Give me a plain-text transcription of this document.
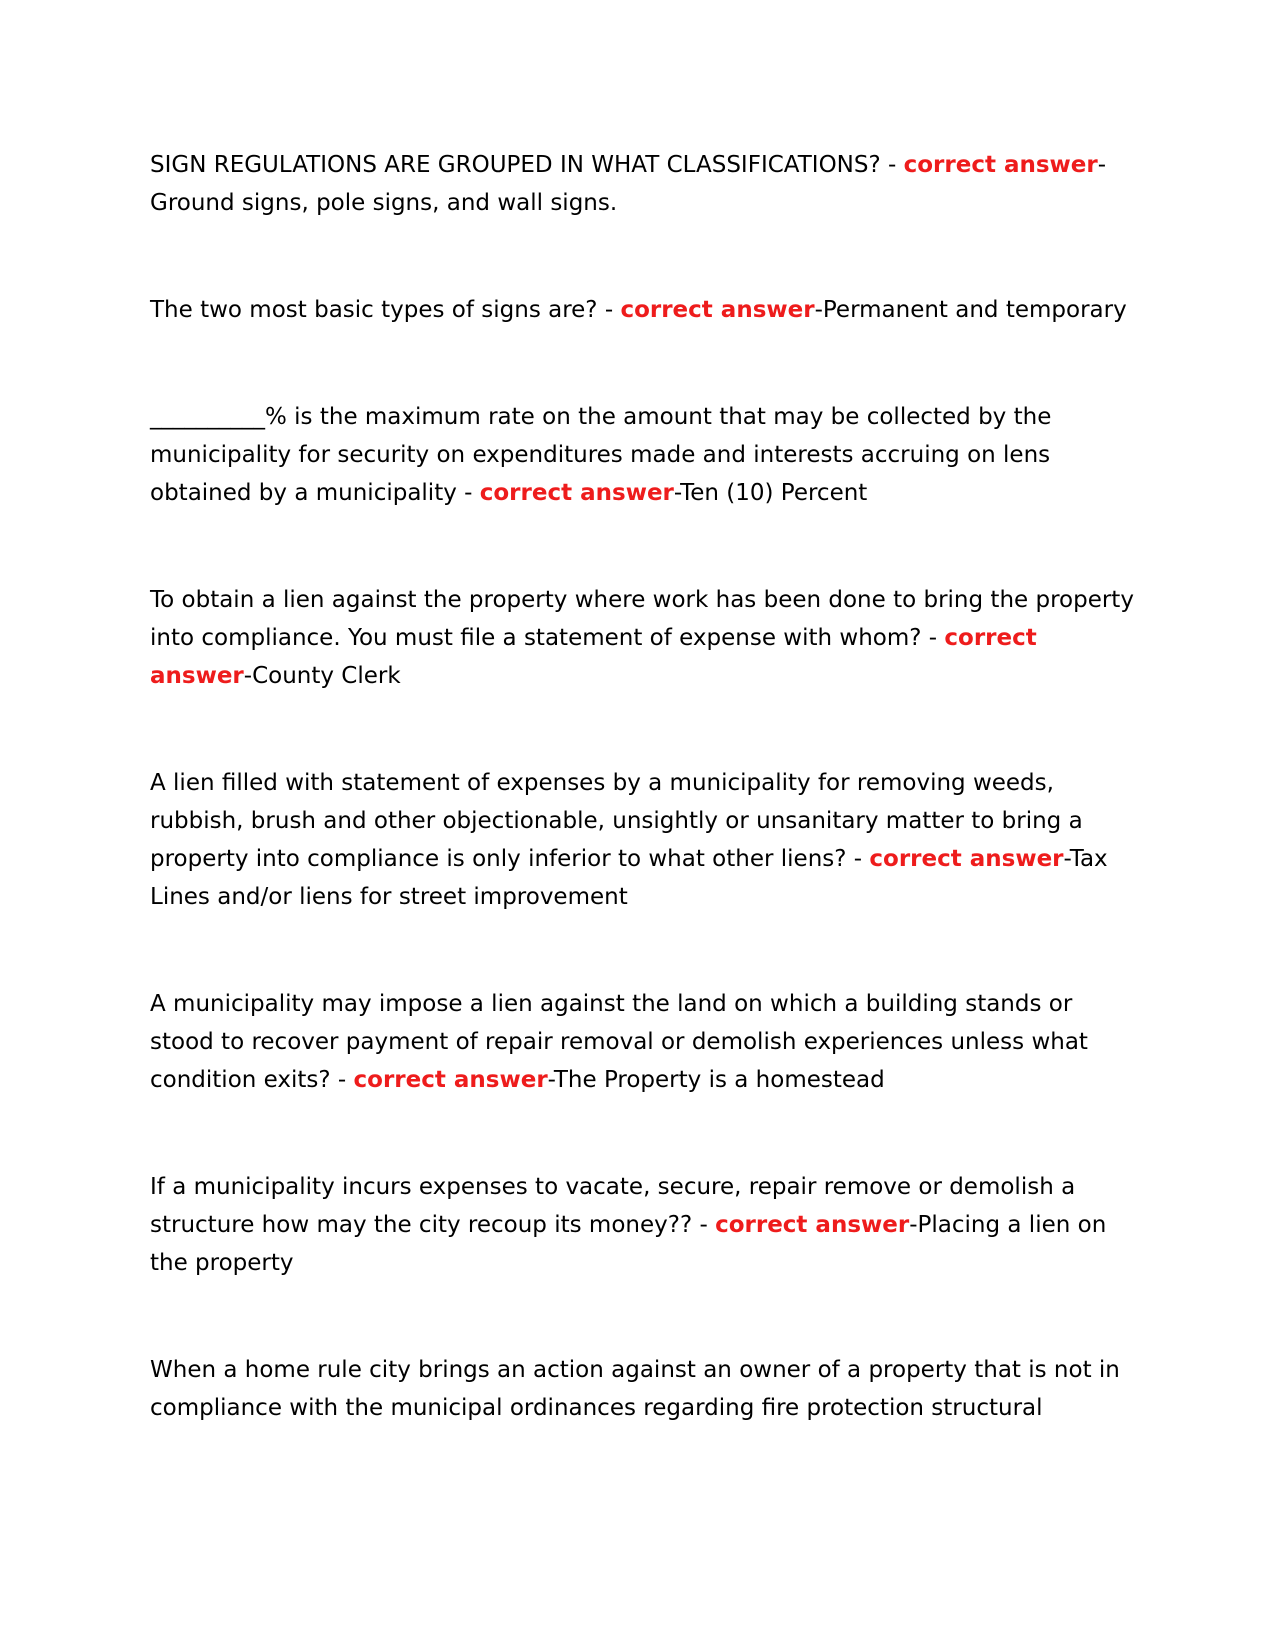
SIGN REGULATIONS ARE GROUPED IN WHAT CLASSIFICATIONS? - correct answer-Ground signs, pole signs, and wall signs.

The two most basic types of signs are? - correct answer-Permanent and temporary

__________% is the maximum rate on the amount that may be collected by the municipality for security on expenditures made and interests accruing on lens obtained by a municipality - correct answer-Ten (10) Percent

To obtain a lien against the property where work has been done to bring the property into compliance. You must file a statement of expense with whom? - correct answer-County Clerk

A lien filled with statement of expenses by a municipality for removing weeds, rubbish, brush and other objectionable, unsightly or unsanitary matter to bring a property into compliance is only inferior to what other liens? - correct answer-Tax Lines and/or liens for street improvement

A municipality may impose a lien against the land on which a building stands or stood to recover payment of repair removal or demolish experiences unless what condition exits? - correct answer-The Property is a homestead

If a municipality incurs expenses to vacate, secure, repair remove or demolish a structure how may the city recoup its money?? - correct answer-Placing a lien on the property

When a home rule city brings an action against an owner of a property that is not in compliance with the municipal ordinances regarding fire protection structural
